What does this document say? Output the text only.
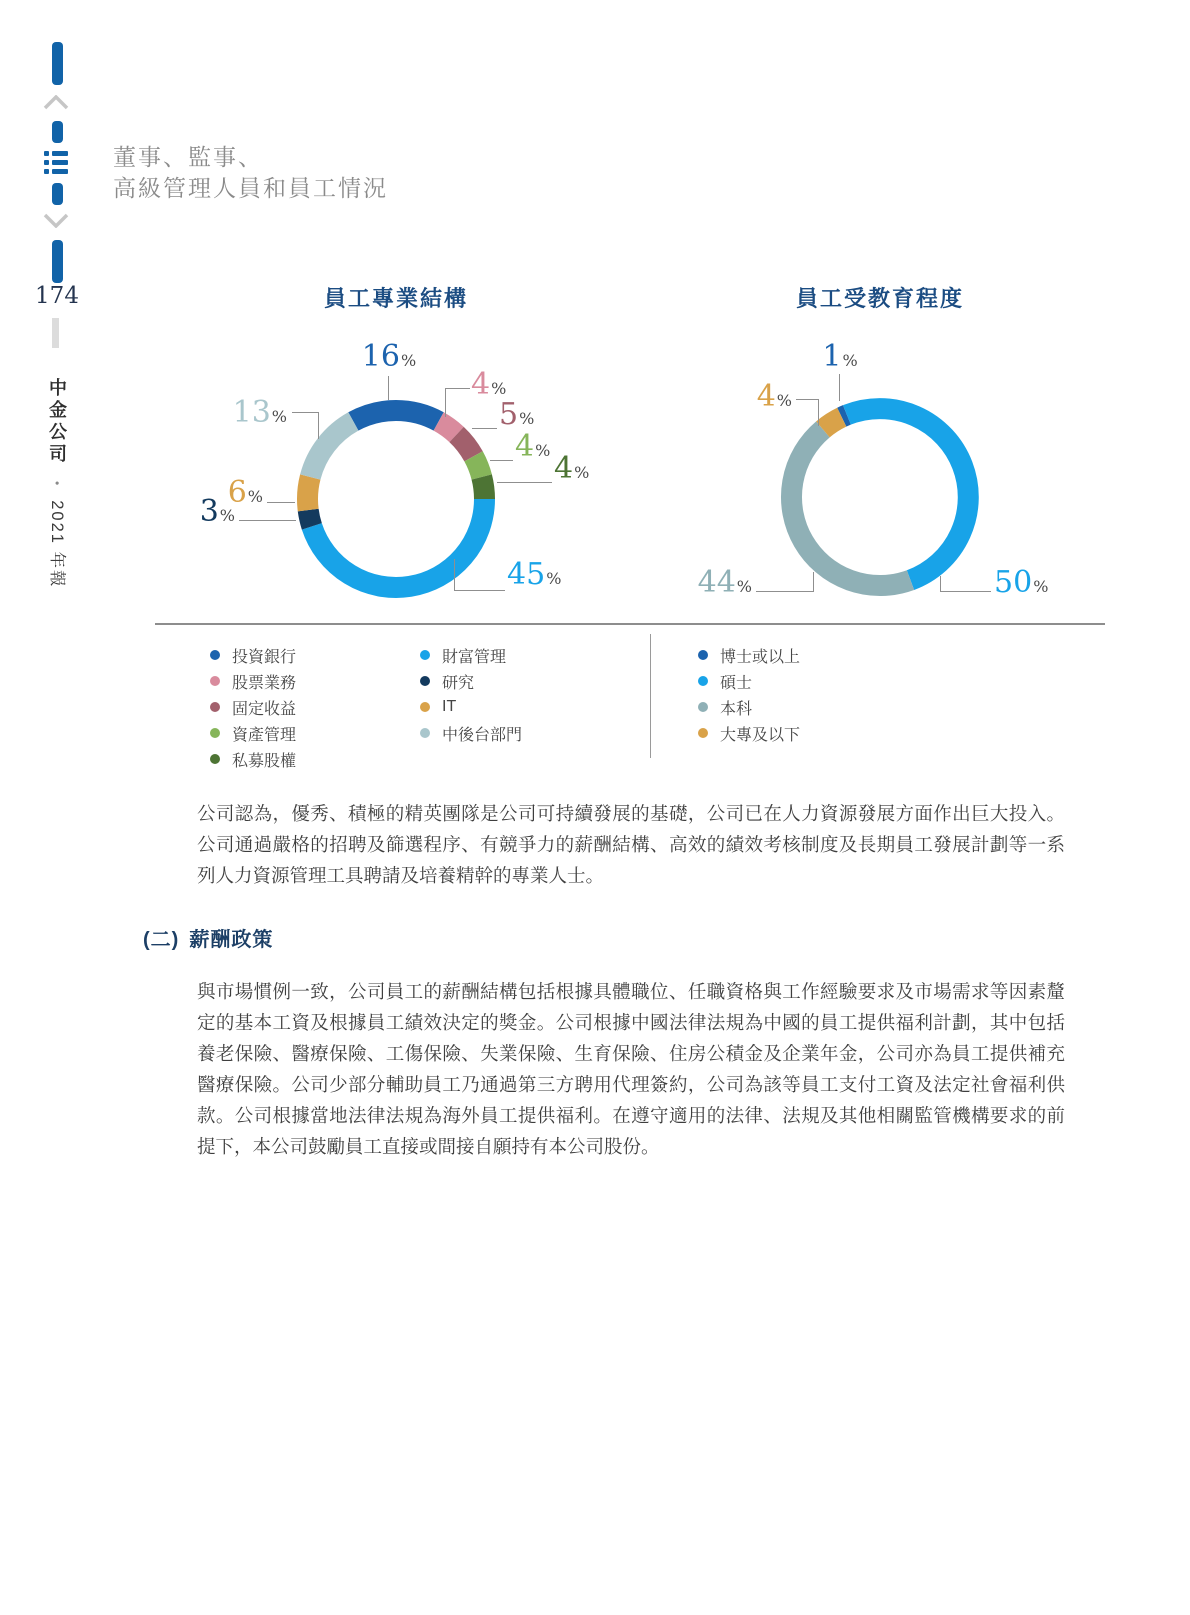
174
中金公司 • 2021 年報
董事、監事、
高級管理人員和員工情況
員工專業結構
16%
4%
5%
4%
4%
45%
3%
6%
13%
員工受教育程度
1%
4%
44%	50%
投資銀行
股票業務
固定收益
資產管理
私募股權
財富管理
研究
IT
中後台部門
博士或以上
碩士
本科
大專及以下
公司認為，優秀、積極的精英團隊是公司可持續發展的基礎，公司已在人力資源發展方面作出巨大投入。公司通過嚴格的招聘及篩選程序、有競爭力的薪酬結構、高效的績效考核制度及長期員工發展計劃等一系列人力資源管理工具聘請及培養精幹的專業人士。
(二) 薪酬政策
與市場慣例一致，公司員工的薪酬結構包括根據具體職位、任職資格與工作經驗要求及市場需求等因素釐定的基本工資及根據員工績效決定的獎金。公司根據中國法律法規為中國的員工提供福利計劃，其中包括養老保險、醫療保險、工傷保險、失業保險、生育保險、住房公積金及企業年金，公司亦為員工提供補充醫療保險。公司少部分輔助員工乃通過第三方聘用代理簽約，公司為該等員工支付工資及法定社會福利供款。公司根據當地法律法規為海外員工提供福利。在遵守適用的法律、法規及其他相關監管機構要求的前提下，本公司鼓勵員工直接或間接自願持有本公司股份。
